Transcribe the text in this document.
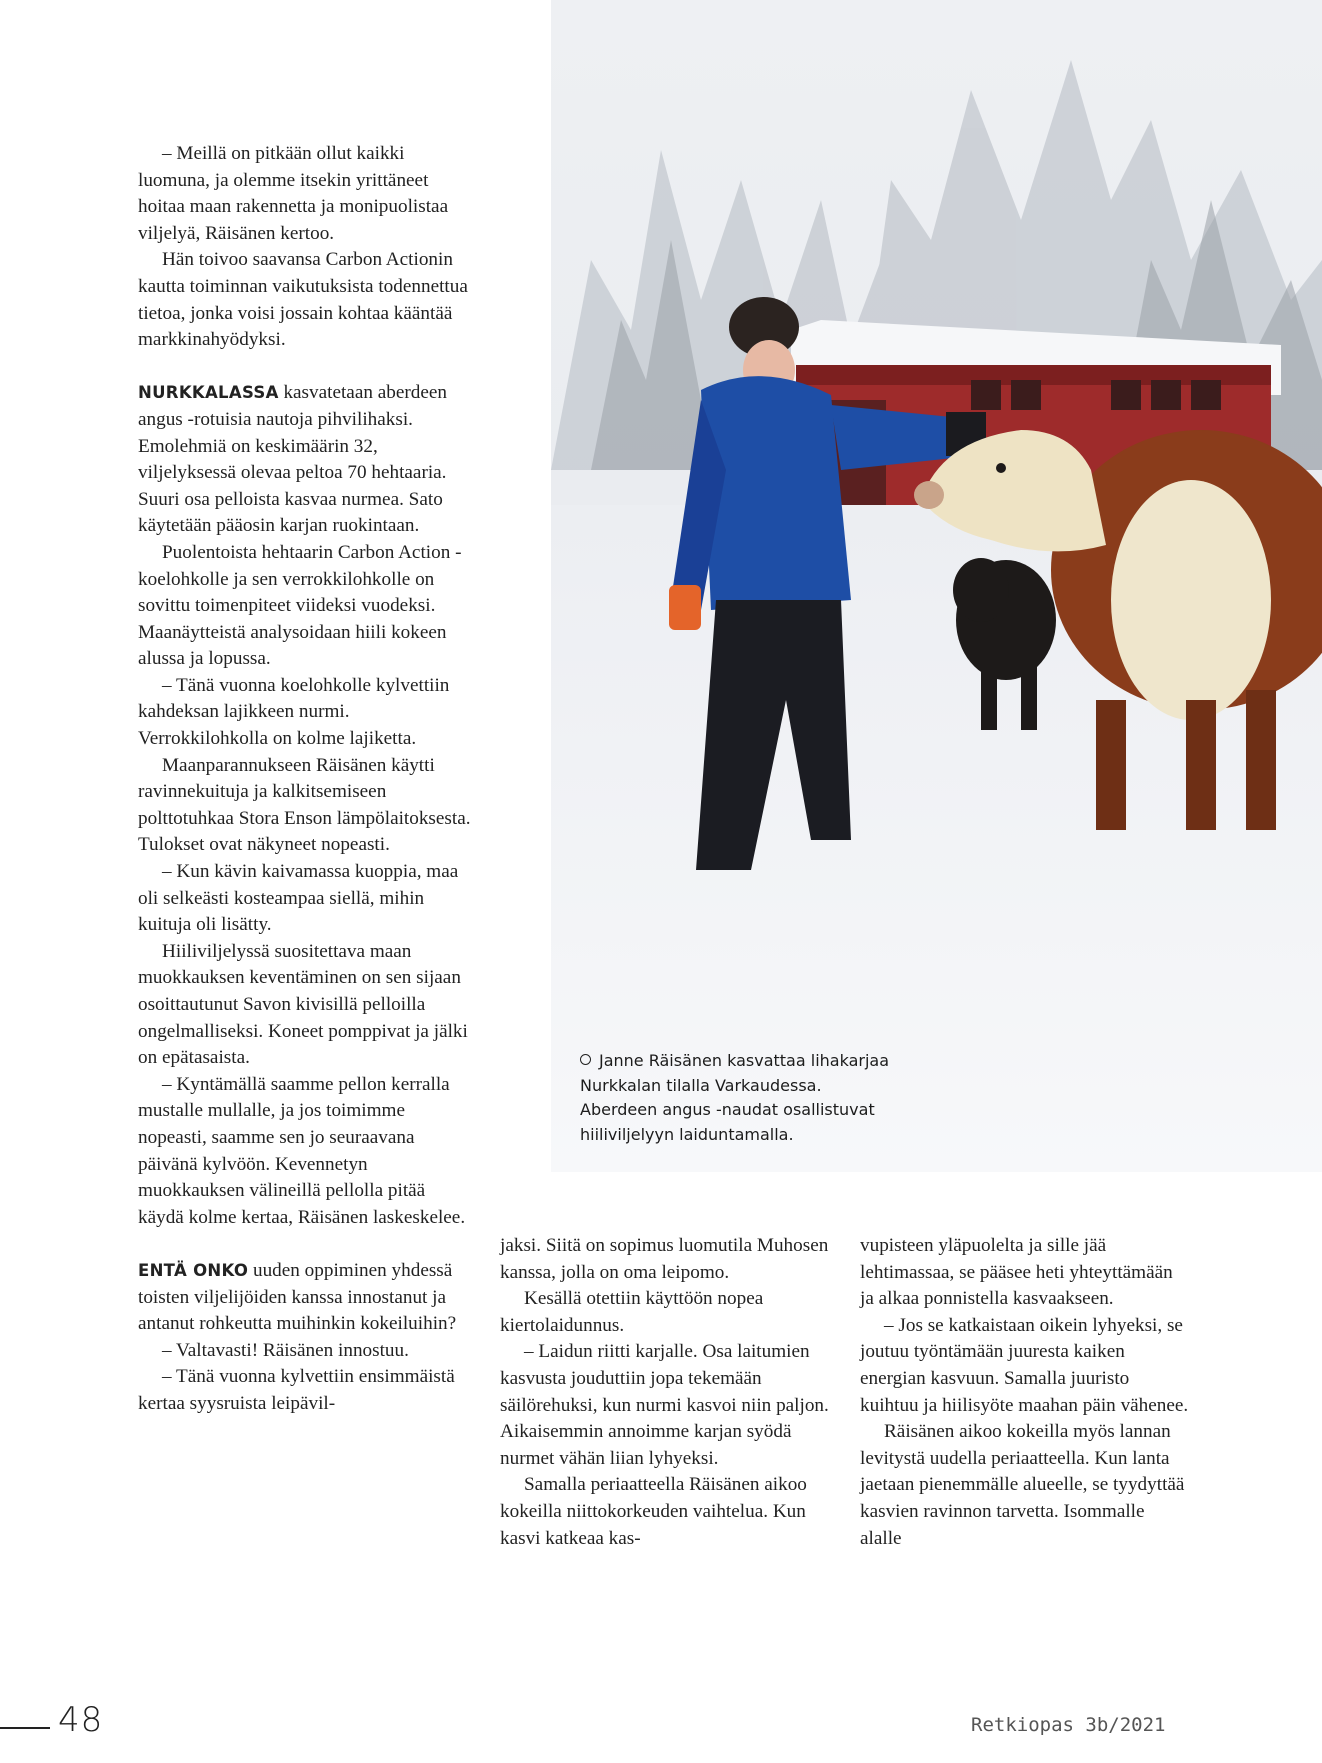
– Meillä on pitkään ollut kaikki luomuna, ja olemme itsekin yrittäneet hoitaa maan rakennetta ja monipuolistaa viljelyä, Räisänen kertoo.

Hän toivoo saavansa Carbon Actionin kautta toiminnan vaikutuksista todennettua tietoa, jonka voisi jossain kohtaa kääntää markkinahyödyksi.

NURKKALASSA kasvatetaan aberdeen angus -rotuisia nautoja pihvilihaksi. Emolehmiä on keskimäärin 32, viljelyksessä olevaa peltoa 70 hehtaaria. Suuri osa pelloista kasvaa nurmea. Sato käytetään pääosin karjan ruokintaan.

Puolentoista hehtaarin Carbon Action -koelohkolle ja sen verrokkilohkolle on sovittu toimenpiteet viideksi vuodeksi. Maanäytteistä analysoidaan hiili kokeen alussa ja lopussa.

– Tänä vuonna koelohkolle kylvettiin kahdeksan lajikkeen nurmi. Verrokkilohkolla on kolme lajiketta.

Maanparannukseen Räisänen käytti ravinnekuituja ja kalkitsemiseen polttotuhkaa Stora Enson lämpölaitoksesta. Tulokset ovat näkyneet nopeasti.

– Kun kävin kaivamassa kuoppia, maa oli selkeästi kosteampaa siellä, mihin kuituja oli lisätty.

Hiiliviljelyssä suositettava maan muokkauksen keventäminen on sen sijaan osoittautunut Savon kivisillä pelloilla ongelmalliseksi. Koneet pomppivat ja jälki on epätasaista.

– Kyntämällä saamme pellon kerralla mustalle mullalle, ja jos toimimme nopeasti, saamme sen jo seuraavana päivänä kylvöön. Kevennetyn muokkauksen välineillä pellolla pitää käydä kolme kertaa, Räisänen laskeskelee.

ENTÄ ONKO uuden oppiminen yhdessä toisten viljelijöiden kanssa innostanut ja antanut rohkeutta muihinkin kokeiluihin?

– Valtavasti! Räisänen innostuu.

– Tänä vuonna kylvettiin ensimmäistä kertaa syysruista leipävil-

Janne Räisänen kasvattaa lihakarjaa Nurkkalan tilalla Varkaudessa. Aberdeen angus -naudat osallistuvat hiiliviljelyyn laiduntamalla.

jaksi. Siitä on sopimus luomutila Muhosen kanssa, jolla on oma leipomo.

Kesällä otettiin käyttöön nopea kiertolaidunnus.

– Laidun riitti karjalle. Osa laitumien kasvusta jouduttiin jopa tekemään säilörehuksi, kun nurmi kasvoi niin paljon. Aikaisemmin annoimme karjan syödä nurmet vähän liian lyhyeksi.

Samalla periaatteella Räisänen aikoo kokeilla niittokorkeuden vaihtelua. Kun kasvi katkeaa kas-

vupisteen yläpuolelta ja sille jää lehtimassaa, se pääsee heti yhteyttämään ja alkaa ponnistella kasvaakseen.

– Jos se katkaistaan oikein lyhyeksi, se joutuu työntämään juuresta kaiken energian kasvuun. Samalla juuristo kuihtuu ja hiilisyöte maahan päin vähenee.

Räisänen aikoo kokeilla myös lannan levitystä uudella periaatteella. Kun lanta jaetaan pienemmälle alueelle, se tyydyttää kasvien ravinnon tarvetta. Isommalle alalle

48	Retkiopas 3b/2021
